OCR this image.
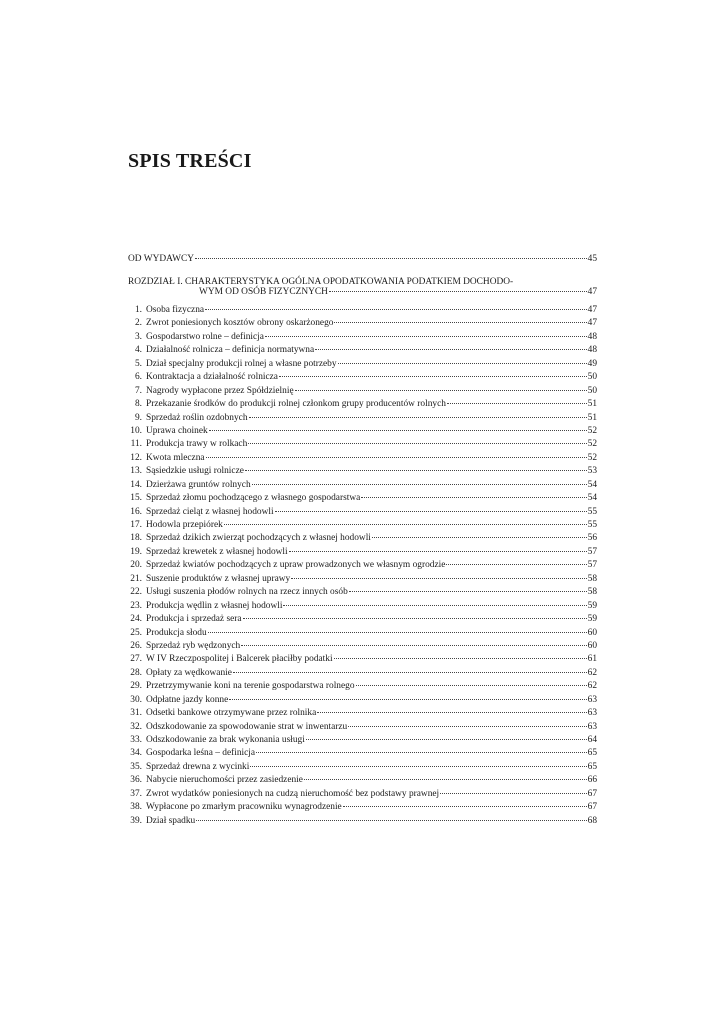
SPIS TREŚCI
OD WYDAWCY	45
ROZDZIAŁ I. CHARAKTERYSTYKA OGÓLNA OPODATKOWANIA PODATKIEM DOCHODO-
WYM OD OSÓB FIZYCZNYCH	47
1. Osoba fizyczna	47
2. Zwrot poniesionych kosztów obrony oskarżonego	47
3. Gospodarstwo rolne – definicja	48
4. Działalność rolnicza – definicja normatywna	48
5. Dział specjalny produkcji rolnej a własne potrzeby	49
6. Kontraktacja a działalność rolnicza	50
7. Nagrody wypłacone przez Spółdzielnię	50
8. Przekazanie środków do produkcji rolnej członkom grupy producentów rolnych	51
9. Sprzedaż roślin ozdobnych	51
10. Uprawa choinek	52
11. Produkcja trawy w rolkach	52
12. Kwota mleczna	52
13. Sąsiedzkie usługi rolnicze	53
14. Dzierżawa gruntów rolnych	54
15. Sprzedaż złomu pochodzącego z własnego gospodarstwa	54
16. Sprzedaż cieląt z własnej hodowli	55
17. Hodowla przepiórek	55
18. Sprzedaż dzikich zwierząt pochodzących z własnej hodowli	56
19. Sprzedaż krewetek z własnej hodowli	57
20. Sprzedaż kwiatów pochodzących z upraw prowadzonych we własnym ogrodzie	57
21. Suszenie produktów z własnej uprawy	58
22. Usługi suszenia płodów rolnych na rzecz innych osób	58
23. Produkcja wędlin z własnej hodowli	59
24. Produkcja i sprzedaż sera	59
25. Produkcja słodu	60
26. Sprzedaż ryb wędzonych	60
27. W IV Rzeczpospolitej i Balcerek płaciłby podatki	61
28. Opłaty za wędkowanie	62
29. Przetrzymywanie koni na terenie gospodarstwa rolnego	62
30. Odpłatne jazdy konne	63
31. Odsetki bankowe otrzymywane przez rolnika	63
32. Odszkodowanie za spowodowanie strat w inwentarzu	63
33. Odszkodowanie za brak wykonania usługi	64
34. Gospodarka leśna – definicja	65
35. Sprzedaż drewna z wycinki	65
36. Nabycie nieruchomości przez zasiedzenie	66
37. Zwrot wydatków poniesionych na cudzą nieruchomość bez podstawy prawnej	67
38. Wypłacone po zmarłym pracowniku wynagrodzenie	67
39. Dział spadku	68
